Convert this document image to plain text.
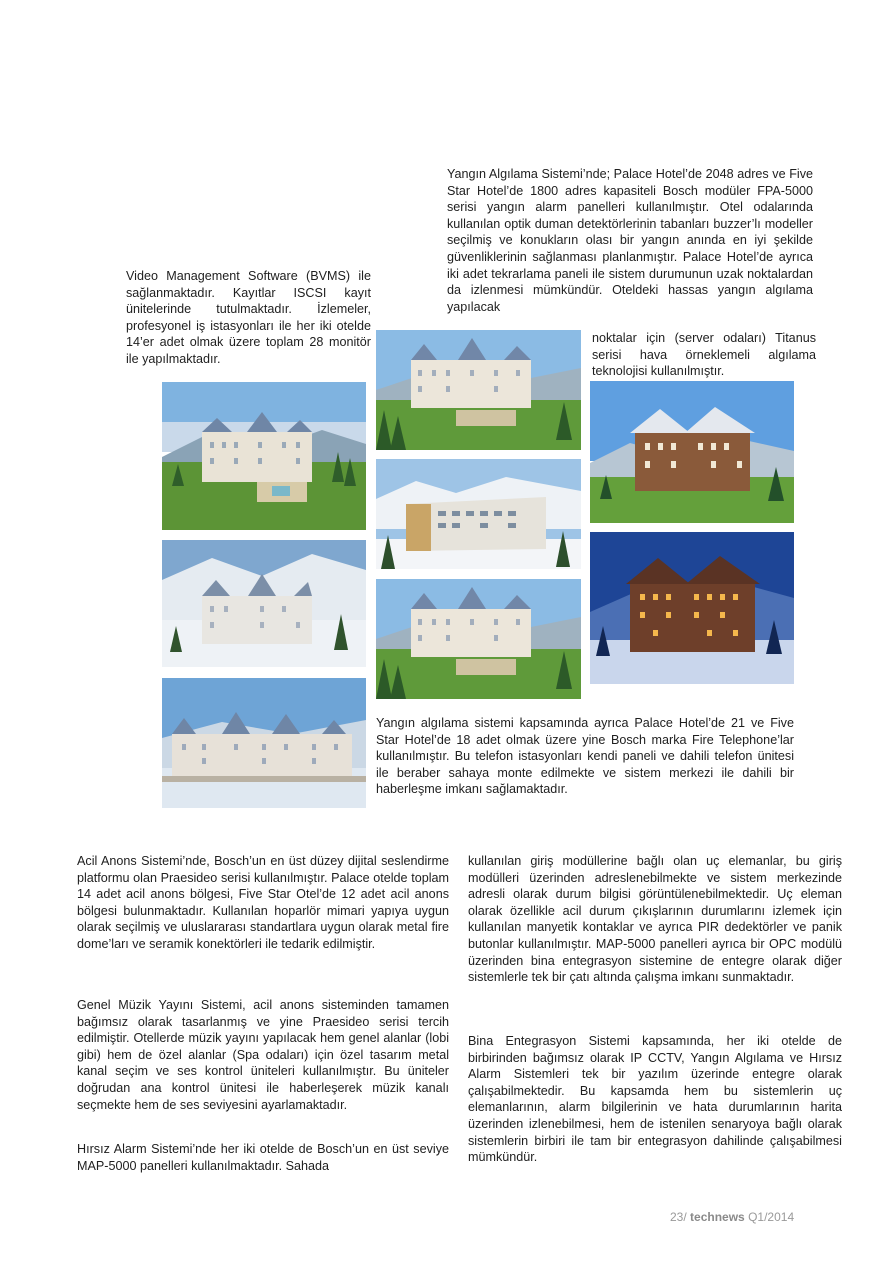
Yangın Algılama Sistemi’nde; Palace Hotel’de 2048 adres ve Five Star Hotel’de 1800 adres kapasiteli Bosch modüler FPA-5000 serisi yangın alarm panelleri kullanılmıştır. Otel odalarında kullanılan optik duman detektörlerinin tabanları buzzer’lı modeller seçilmiş ve konukların olası bir yangın anında en iyi şekilde güvenliklerinin sağlanması planlanmıştır. Palace Hotel’de ayrıca iki adet tekrarlama paneli ile sistem durumunun uzak noktalardan da izlenmesi mümkündür. Oteldeki hassas yangın algılama yapılacak
noktalar için (server odaları) Titanus serisi hava örneklemeli algılama teknolojisi kullanılmıştır.
Video Management Software (BVMS) ile sağlanmaktadır. Kayıtlar ISCSI kayıt ünitelerinde tutulmaktadır. İzlemeler, profesyonel iş istasyonları ile her iki otelde 14’er adet olmak üzere toplam 28 monitör ile yapılmaktadır.
Yangın algılama sistemi kapsamında ayrıca Palace Hotel’de 21 ve Five Star Hotel’de 18 adet olmak üzere yine Bosch marka Fire Telephone’lar kullanılmıştır. Bu telefon istasyonları kendi paneli ve dahili telefon ünitesi ile beraber sahaya monte edilmekte ve sistem merkezi ile dahili bir haberleşme imkanı sağlamaktadır.
Acil Anons Sistemi’nde, Bosch’un en üst düzey dijital seslendirme platformu olan Praesideo serisi kullanılmıştır. Palace otelde toplam 14 adet acil anons bölgesi, Five Star Otel’de 12 adet acil anons bölgesi bulunmaktadır. Kullanılan hoparlör mimari yapıya uygun olarak seçilmiş ve uluslararası standartlara uygun olarak metal fire dome’ları ve seramik konektörleri ile tedarik edilmiştir.
Genel Müzik Yayını Sistemi, acil anons sisteminden tamamen bağımsız olarak tasarlanmış ve yine Praesideo serisi tercih edilmiştir. Otellerde müzik yayını yapılacak hem genel alanlar (lobi gibi) hem de özel alanlar (Spa odaları) için özel tasarım metal kanal seçim ve ses kontrol üniteleri kullanılmıştır. Bu üniteler doğrudan ana kontrol ünitesi ile haberleşerek müzik kanalı seçmekte hem de ses seviyesini ayarlamaktadır.
Hırsız Alarm Sistemi’nde her iki otelde de Bosch’un en üst seviye MAP-5000 panelleri kullanılmaktadır. Sahada
kullanılan giriş modüllerine bağlı olan uç elemanlar, bu giriş modülleri üzerinden adreslenebilmekte ve sistem merkezinde adresli olarak durum bilgisi görüntülenebilmektedir. Uç eleman olarak özellikle acil durum çıkışlarının durumlarını izlemek için kullanılan manyetik kontaklar ve ayrıca PIR dedektörler ve panik butonlar kullanılmıştır. MAP-5000 panelleri ayrıca bir OPC modülü üzerinden bina entegrasyon sistemine de entegre olarak diğer sistemlerle tek bir çatı altında çalışma imkanı sunmaktadır.
Bina Entegrasyon Sistemi kapsamında, her iki otelde de birbirinden bağımsız olarak IP CCTV, Yangın Algılama ve Hırsız Alarm Sistemleri tek bir yazılım üzerinde entegre olarak çalışabilmektedir. Bu kapsamda hem bu sistemlerin uç elemanlarının, alarm bilgilerinin ve hata durumlarının harita üzerinden izlenebilmesi, hem de istenilen senaryoya bağlı olarak sistemlerin birbiri ile tam bir entegrasyon dahilinde çalışabilmesi mümkündür.
23/ technews Q1/2014
